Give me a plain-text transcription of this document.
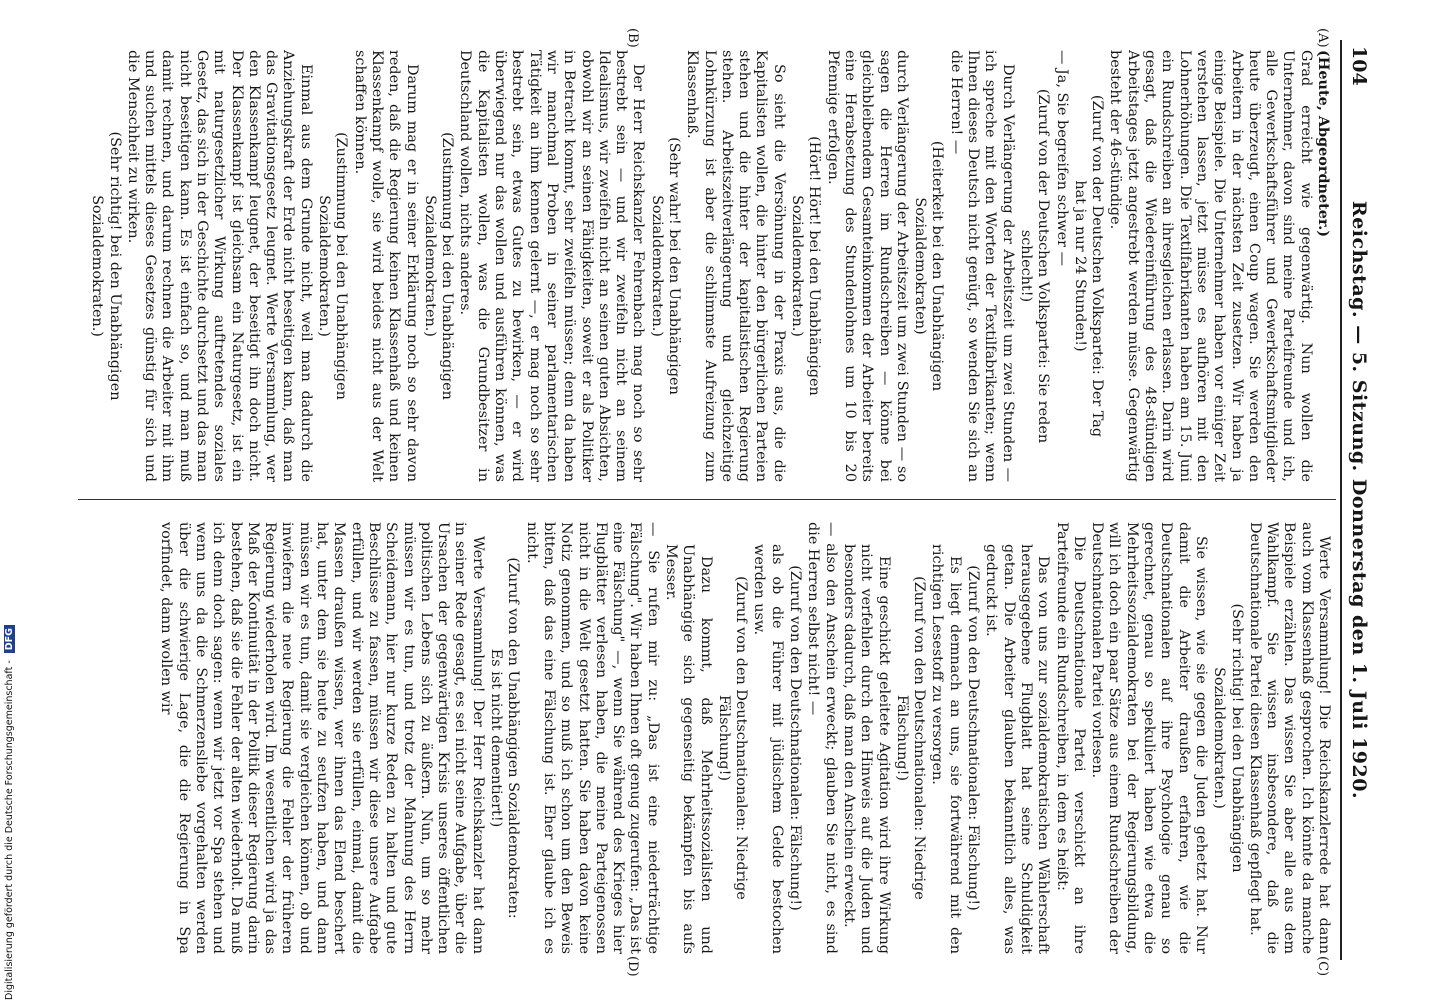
104
Reichstag. — 5. Sitzung. Donnerstag den 1. Juli 1920.
(A)
(B)
(C)
(D)

(Heute, Abgeordneter.)

Grad erreicht wie gegenwärtig. Nun wollen die Unternehmer, davon sind meine Parteifreunde und ich, alle Gewerkschaftsführer und Gewerkschaftsmitglieder heute überzeugt, einen Coup wagen. Sie werden den Arbeitern in der nächsten Zeit zusetzen. Wir haben ja einige Beispiele. Die Unternehmer haben vor einiger Zeit verstehen lassen, jetzt müsse es aufhören mit den Lohnerhöhungen. Die Textilfabrikanten haben am 15. Juni ein Rundschreiben an ihresgleichen erlassen. Darin wird gesagt, daß die Wiedereinführung des 48-stündigen Arbeitstages jetzt angestrebt werden müsse. Gegenwärtig besteht der 46-stündige.

(Zuruf von der Deutschen Volkspartei: Der Tag hat ja nur 24 Stunden!)

— Ja, Sie begreifen schwer —

(Zuruf von der Deutschen Volkspartei: Sie reden schlecht!)

Durch Verlängerung der Arbeitszeit um zwei Stunden — ich spreche mit den Worten der Textilfabrikanten; wenn Ihnen dieses Deutsch nicht genügt, so wenden Sie sich an die Herren! —

(Heiterkeit bei den Unabhängigen Sozialdemokraten)

durch Verlängerung der Arbeitszeit um zwei Stunden — so sagen die Herren im Rundschreiben — könne bei gleichbleibendem Gesamteinkommen der Arbeiter bereits eine Herabsetzung des Stundenlohnes um 10 bis 20 Pfennige erfolgen.

(Hört! Hört! bei den Unabhängigen Sozialdemokraten.)

So sieht die Versöhnung in der Praxis aus, die die Kapitalisten wollen, die hinter den bürgerlichen Parteien stehen und die hinter der kapitalistischen Regierung stehen. Arbeitszeitverlängerung und gleichzeitige Lohnkürzung ist aber die schlimmste Aufreizung zum Klassenhaß.

(Sehr wahr! bei den Unabhängigen Sozialdemokraten.)

Der Herr Reichskanzler Fehrenbach mag noch so sehr bestrebt sein — und wir zweifeln nicht an seinem Idealismus, wir zweifeln nicht an seinen guten Absichten, obwohl wir an seinen Fähigkeiten, soweit er als Politiker in Betracht kommt, sehr zweifeln müssen; denn da haben wir manchmal Proben in seiner parlamentarischen Tätigkeit an ihm kennen gelernt —, er mag noch so sehr bestrebt sein, etwas Gutes zu bewirken, — er wird überwiegend nur das wollen und ausführen können, was die Kapitalisten wollen, was die Grundbesitzer in Deutschland wollen, nichts anderes.

(Zustimmung bei den Unabhängigen Sozialdemokraten.)

Darum mag er in seiner Erklärung noch so sehr davon reden, daß die Regierung keinen Klassenhaß und keinen Klassenkampf wolle, sie wird beides nicht aus der Welt schaffen können.

(Zustimmung bei den Unabhängigen Sozialdemokraten.)

Einmal aus dem Grunde nicht, weil man dadurch die Anziehungskraft der Erde nicht beseitigen kann, daß man das Gravitationsgesetz leugnet. Werte Versammlung, wer den Klassenkampf leugnet, der beseitigt ihn doch nicht. Der Klassenkampf ist gleichsam ein Naturgesetz, ist ein mit naturgesetzlicher Wirkung auftretendes soziales Gesetz, das sich in der Geschichte durchsetzt und das man nicht beseitigen kann. Es ist einfach so, und man muß damit rechnen, und darum rechnen die Arbeiter mit ihm und suchen mittels dieses Gesetzes günstig für sich und die Menschheit zu wirken.

(Sehr richtig! bei den Unabhängigen Sozialdemokraten.)

Werte Versammlung! Die Reichskanzlerrede hat dann auch vom Klassenhaß gesprochen. Ich könnte da manche Beispiele erzählen. Das wissen Sie aber alle aus dem Wahlkampf. Sie wissen insbesondere, daß die Deutschnationale Partei diesen Klassenhaß gepflegt hat.

(Sehr richtig! bei den Unabhängigen Sozialdemokraten.)

Sie wissen, wie sie gegen die Juden gehetzt hat. Nur damit die Arbeiter draußen erfahren, wie die Deutschnationalen auf ihre Psychologie genau so gerechnet, genau so spekuliert haben wie etwa die Mehrheitssozialdemokraten bei der Regierungsbildung, will ich doch ein paar Sätze aus einem Rundschreiben der Deutschnationalen Partei vorlesen.

Die Deutschnationale Partei verschickt an ihre Parteifreunde ein Rundschreiben, in dem es heißt:

Das von uns zur sozialdemokratischen Wählerschaft herausgegebene Flugblatt hat seine Schuldigkeit getan. Die Arbeiter glauben bekanntlich alles, was gedruckt ist.

(Zuruf von den Deutschnationalen: Fälschung!)

Es liegt demnach an uns, sie fortwährend mit den richtigen Lesestoff zu versorgen.

(Zuruf von den Deutschnationalen: Niedrige Fälschung!)

Eine geschickt geleitete Agitation wird ihre Wirkung nicht verfehlen durch den Hinweis auf die Juden und besonders dadurch, daß man den Anschein erweckt.

— also den Anschein erweckt; glauben Sie nicht, es sind die Herren selbst nicht! —

(Zuruf von den Deutschnationalen: Fälschung!)

als ob die Führer mit jüdischem Gelde bestochen werden usw.

(Zuruf von den Deutschnationalen: Niedrige Fälschung!)

Dazu kommt, daß Mehrheitssozialisten und Unabhängige sich gegenseitig bekämpfen bis aufs Messer.

— Sie rufen mir zu: „Das ist eine niederträchtige Fälschung". Wir haben Ihnen oft genug zugerufen: „Das ist eine Fälschung" —, wenn Sie während des Krieges hier Flugblätter verlesen haben, die meine Parteigenossen nicht in die Welt gesetzt hatten. Sie haben davon keine Notiz genommen, und so muß ich schon um den Beweis bitten, daß das eine Fälschung ist. Eher glaube ich es nicht.

(Zuruf von den Unabhängigen Sozialdemokraten: Es ist nicht dementiert!)

Werte Versammlung! Der Herr Reichskanzler hat dann in seiner Rede gesagt, es sei nicht seine Aufgabe, über die Ursachen der gegenwärtigen Krisis unseres öffentlichen politischen Lebens sich zu äußern. Nun, um so mehr müssen wir es tun, und trotz der Mahnung des Herrn Scheidemann, hier nur kurze Reden zu halten und gute Beschlüsse zu fassen, müssen wir diese unsere Aufgabe erfüllen, und wir werden sie erfüllen, einmal, damit die Massen draußen wissen, wer ihnen das Elend beschert hat, unter dem sie heute zu seufzen haben, und dann müssen wir es tun, damit sie vergleichen können, ob und inwiefern die neue Regierung die Fehler der früheren Regierung wiederholen wird. Im wesentlichen wird ja das Maß der Kontinuität in der Politik dieser Regierung darin bestehen, daß sie die Fehler der alten wiederholt. Da muß ich denn doch sagen: wenn wir jetzt vor Spa stehen und wenn uns da die Schmerzensliebe vorgehalten werden über die schwierige Lage, die die Regierung in Spa vorfindet, dann wollen wir

Digitalisierung gefördert durch die Deutsche Forschungsgemeinschaft - DFG
